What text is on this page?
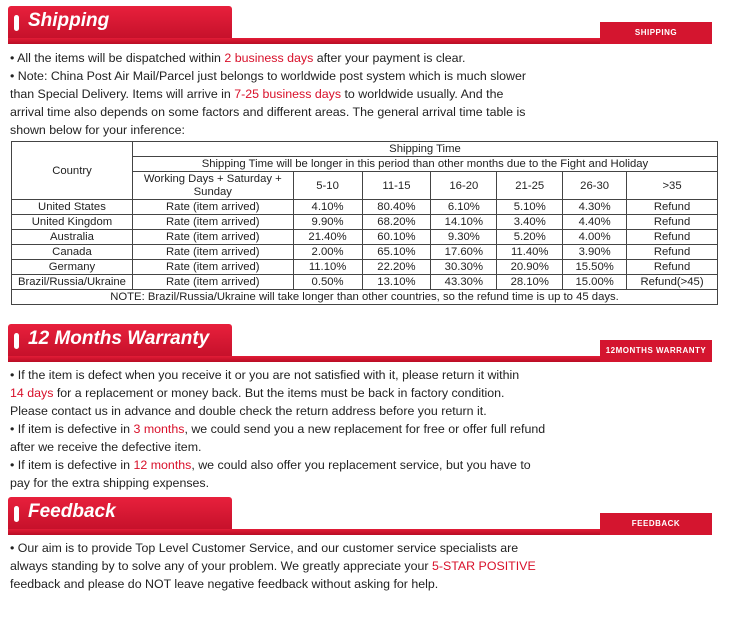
Shipping
SHIPPING
• All the items will be dispatched within 2 business days after your payment is clear.
• Note: China Post Air Mail/Parcel just belongs to worldwide post system which is much slower
than Special Delivery. Items will arrive in 7-25 business days to worldwide usually. And the
arrival time also depends on some factors and different areas. The general arrival time table is
shown below for your inference:
Country	Shipping Time						
	Shipping Time will be longer in this period than other months due to the Fight and Holiday						
	Working Days + Saturday + Sunday	5-10	11-15	16-20	21-25	26-30	>35
United States	Rate (item arrived)	4.10%	80.40%	6.10%	5.10%	4.30%	Refund
United Kingdom	Rate (item arrived)	9.90%	68.20%	14.10%	3.40%	4.40%	Refund
Australia	Rate (item arrived)	21.40%	60.10%	9.30%	5.20%	4.00%	Refund
Canada	Rate (item arrived)	2.00%	65.10%	17.60%	11.40%	3.90%	Refund
Germany	Rate (item arrived)	11.10%	22.20%	30.30%	20.90%	15.50%	Refund
Brazil/Russia/Ukraine	Rate (item arrived)	0.50%	13.10%	43.30%	28.10%	15.00%	Refund(>45)
NOTE: Brazil/Russia/Ukraine will take longer than other countries, so the refund time is up to 45 days.							
12 Months Warranty
12MONTHS WARRANTY
• If the item is defect when you receive it or you are not satisfied with it, please return it within
14 days for a replacement or money back. But the items must be back in factory condition.
Please contact us in advance and double check the return address before you return it.
• If item is defective in 3 months, we could send you a new replacement for free or offer full refund
after we receive the defective item.
• If item is defective in 12 months, we could also offer you replacement service, but you have to
pay for the extra shipping expenses.
Feedback
FEEDBACK
• Our aim is to provide Top Level Customer Service, and our customer service specialists are
always standing by to solve any of your problem. We greatly appreciate your 5-STAR POSITIVE
feedback and please do NOT leave negative feedback without asking for help.
